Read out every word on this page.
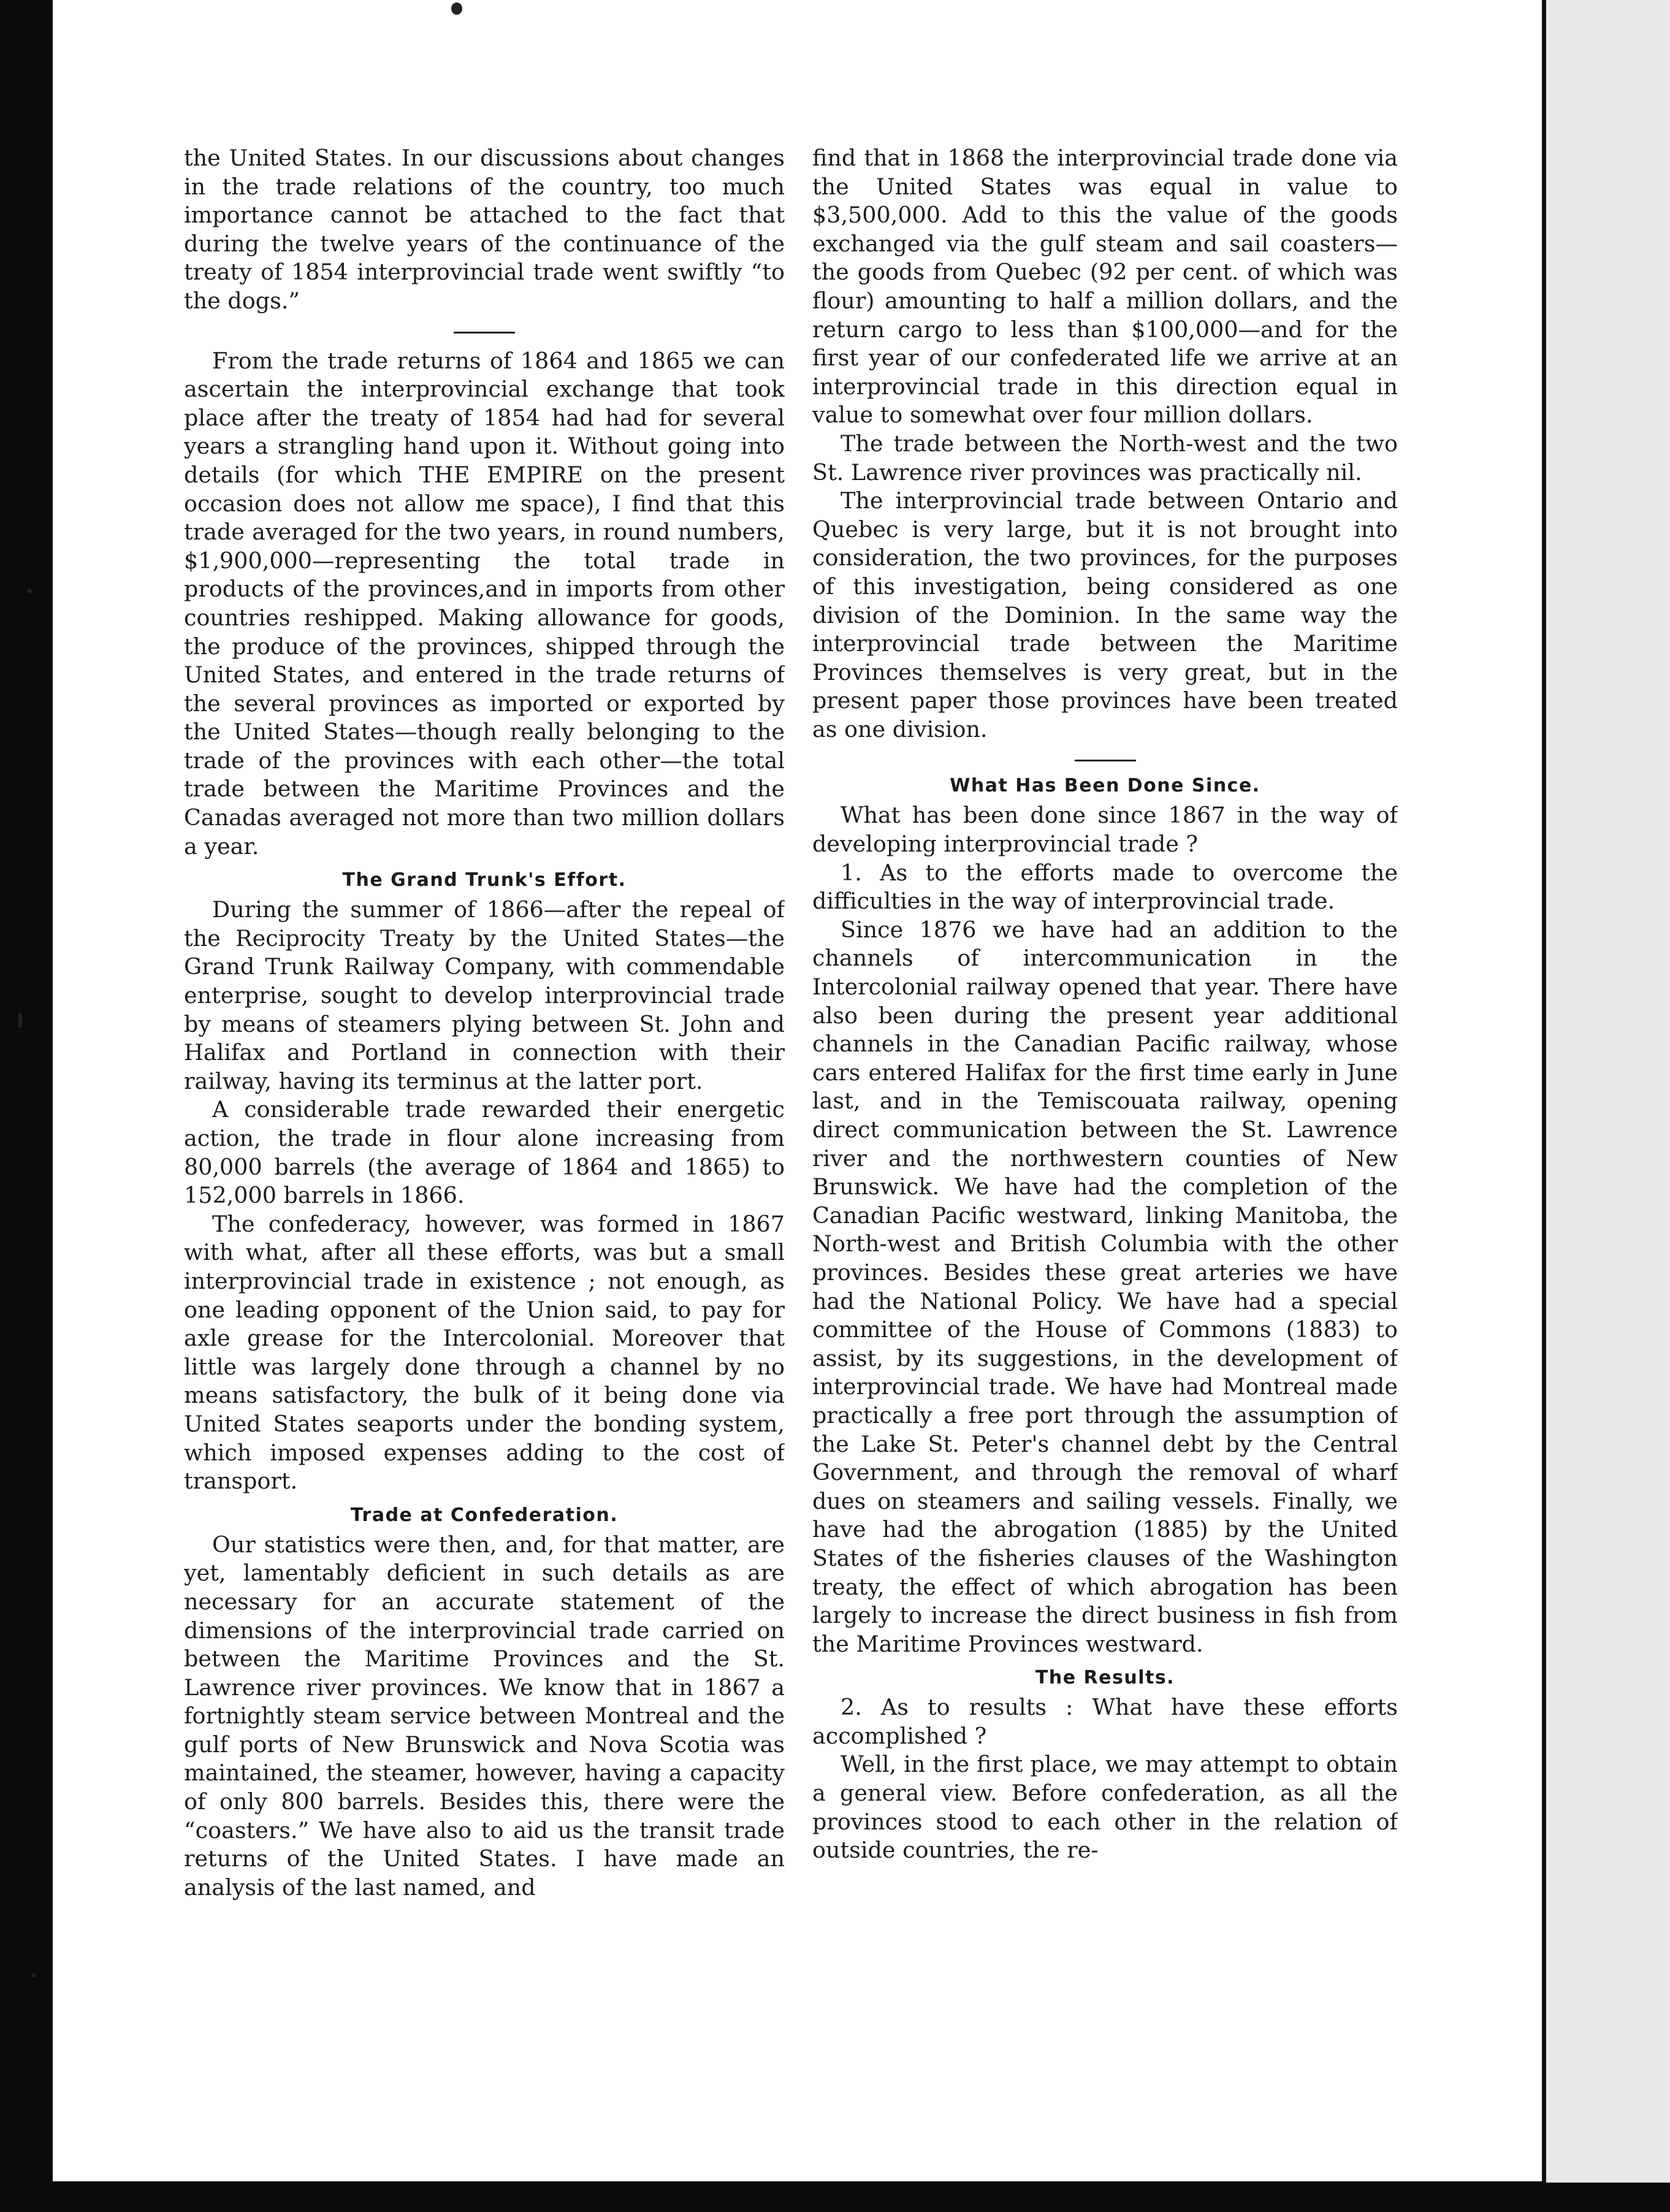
the United States. In our discussions about changes in the trade relations of the country, too much importance cannot be attached to the fact that during the twelve years of the continuance of the treaty of 1854 interprovincial trade went swiftly “to the dogs.”

From the trade returns of 1864 and 1865 we can ascertain the interprovincial exchange that took place after the treaty of 1854 had had for several years a strangling hand upon it. Without going into details (for which THE EMPIRE on the present occasion does not allow me space), I find that this trade averaged for the two years, in round numbers, $1,900,000—representing the total trade in products of the provinces,and in imports from other countries reshipped. Making allowance for goods, the produce of the provinces, shipped through the United States, and entered in the trade returns of the several provinces as imported or exported by the United States—though really belonging to the trade of the provinces with each other—the total trade between the Maritime Provinces and the Canadas averaged not more than two million dollars a year.

The Grand Trunk's Effort.

During the summer of 1866—after the repeal of the Reciprocity Treaty by the United States—the Grand Trunk Railway Company, with commendable enterprise, sought to develop interprovincial trade by means of steamers plying between St. John and Halifax and Portland in connection with their railway, having its terminus at the latter port.

A considerable trade rewarded their energetic action, the trade in flour alone increasing from 80,000 barrels (the average of 1864 and 1865) to 152,000 barrels in 1866.

The confederacy, however, was formed in 1867 with what, after all these efforts, was but a small interprovincial trade in existence ; not enough, as one leading opponent of the Union said, to pay for axle grease for the Intercolonial. Moreover that little was largely done through a channel by no means satisfactory, the bulk of it being done via United States seaports under the bonding system, which imposed expenses adding to the cost of transport.

Trade at Confederation.

Our statistics were then, and, for that matter, are yet, lamentably deficient in such details as are necessary for an accurate statement of the dimensions of the interprovincial trade carried on between the Maritime Provinces and the St. Lawrence river provinces. We know that in 1867 a fortnightly steam service between Montreal and the gulf ports of New Brunswick and Nova Scotia was maintained, the steamer, however, having a capacity of only 800 barrels. Besides this, there were the “coasters.” We have also to aid us the transit trade returns of the United States. I have made an analysis of the last named, and

find that in 1868 the interprovincial trade done via the United States was equal in value to $3,500,000. Add to this the value of the goods exchanged via the gulf steam and sail coasters—the goods from Quebec (92 per cent. of which was flour) amounting to half a million dollars, and the return cargo to less than $100,000—and for the first year of our confederated life we arrive at an interprovincial trade in this direction equal in value to somewhat over four million dollars.

The trade between the North-west and the two St. Lawrence river provinces was practically nil.

The interprovincial trade between Ontario and Quebec is very large, but it is not brought into consideration, the two provinces, for the purposes of this investigation, being considered as one division of the Dominion. In the same way the interprovincial trade between the Maritime Provinces themselves is very great, but in the present paper those provinces have been treated as one division.

What Has Been Done Since.

What has been done since 1867 in the way of developing interprovincial trade ?

1. As to the efforts made to overcome the difficulties in the way of interprovincial trade.

Since 1876 we have had an addition to the channels of intercommunication in the Intercolonial railway opened that year. There have also been during the present year additional channels in the Canadian Pacific railway, whose cars entered Halifax for the first time early in June last, and in the Temiscouata railway, opening direct communication between the St. Lawrence river and the northwestern counties of New Brunswick. We have had the completion of the Canadian Pacific westward, linking Manitoba, the North-west and British Columbia with the other provinces. Besides these great arteries we have had the National Policy. We have had a special committee of the House of Commons (1883) to assist, by its suggestions, in the development of interprovincial trade. We have had Montreal made practically a free port through the assumption of the Lake St. Peter's channel debt by the Central Government, and through the removal of wharf dues on steamers and sailing vessels. Finally, we have had the abrogation (1885) by the United States of the fisheries clauses of the Washington treaty, the effect of which abrogation has been largely to increase the direct business in fish from the Maritime Provinces westward.

The Results.

2. As to results : What have these efforts accomplished ?

Well, in the first place, we may attempt to obtain a general view. Before confederation, as all the provinces stood to each other in the relation of outside countries, the re-
